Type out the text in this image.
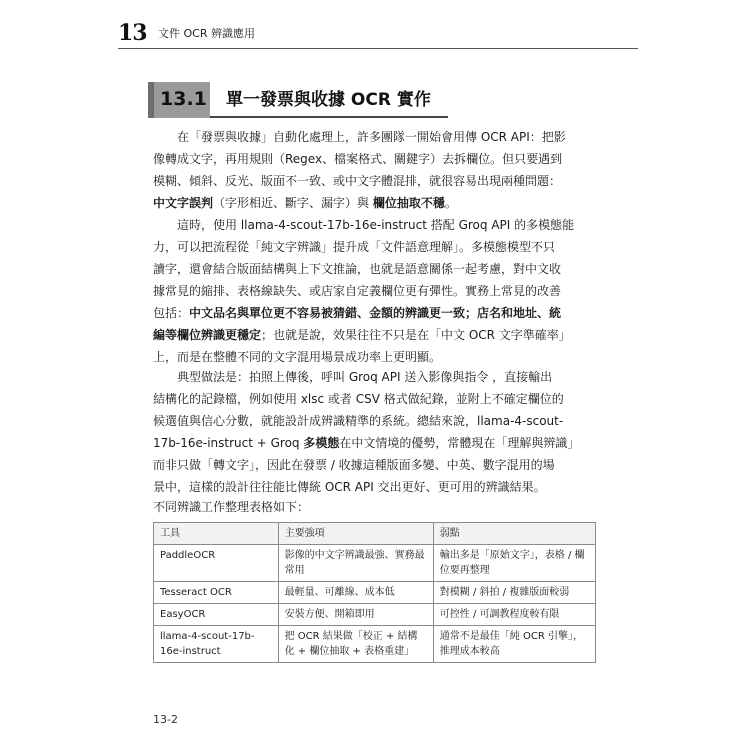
13 文件 OCR 辨識應用
13.1 單一發票與收據 OCR 實作
在「發票與收據」自動化處理上，許多團隊一開始會用傳 OCR API：把影
像轉成文字，再用規則（Regex、檔案格式、關鍵字）去拆欄位。但只要遇到
模糊、傾斜、反光、版面不一致、或中文字體混排，就很容易出現兩種問題：
中文字誤判（字形相近、斷字、漏字）與 欄位抽取不穩。
這時，使用 llama-4-scout-17b-16e-instruct 搭配 Groq API 的多模態能
力，可以把流程從「純文字辨識」提升成「文件語意理解」。多模態模型不只
讀字，還會結合版面結構與上下文推論，也就是語意關係一起考慮，對中文收
據常見的縮排、表格線缺失、或店家自定義欄位更有彈性。實務上常見的改善
包括：中文品名與單位更不容易被猜錯、金額的辨識更一致；店名和地址、統
編等欄位辨識更穩定；也就是說，效果往往不只是在「中文 OCR 文字準確率」
上，而是在整體不同的文字混用場景成功率上更明顯。
典型做法是：拍照上傳後，呼叫 Groq API 送入影像與指令 ，直接輸出
結構化的記錄檔，例如使用 xlsc 或者 CSV 格式做紀錄，並附上不確定欄位的
候選值與信心分數，就能設計成辨識精準的系統。總結來說，llama-4-scout-
17b-16e-instruct + Groq 多模態在中文情境的優勢，常體現在「理解與辨識」
而非只做「轉文字」，因此在發票 / 收據這種版面多變、中英、數字混用的場
景中，這樣的設計往往能比傳統 OCR API 交出更好、更可用的辨識結果。
不同辨識工作整理表格如下：
工具	主要強項	弱點
PaddleOCR	影像的中文字辨識最強、實務最常用	輸出多是「原始文字」，表格 / 欄位要再整理
Tesseract OCR	最輕量、可離線、成本低	對模糊 / 斜拍 / 複雜版面較弱
EasyOCR	安裝方便、開箱即用	可控性 / 可調教程度較有限
llama-4-scout-17b-16e-instruct	把 OCR 結果做「校正 + 結構化 + 欄位抽取 + 表格重建」	通常不是最佳「純 OCR 引擎」，推理成本較高
13-2
